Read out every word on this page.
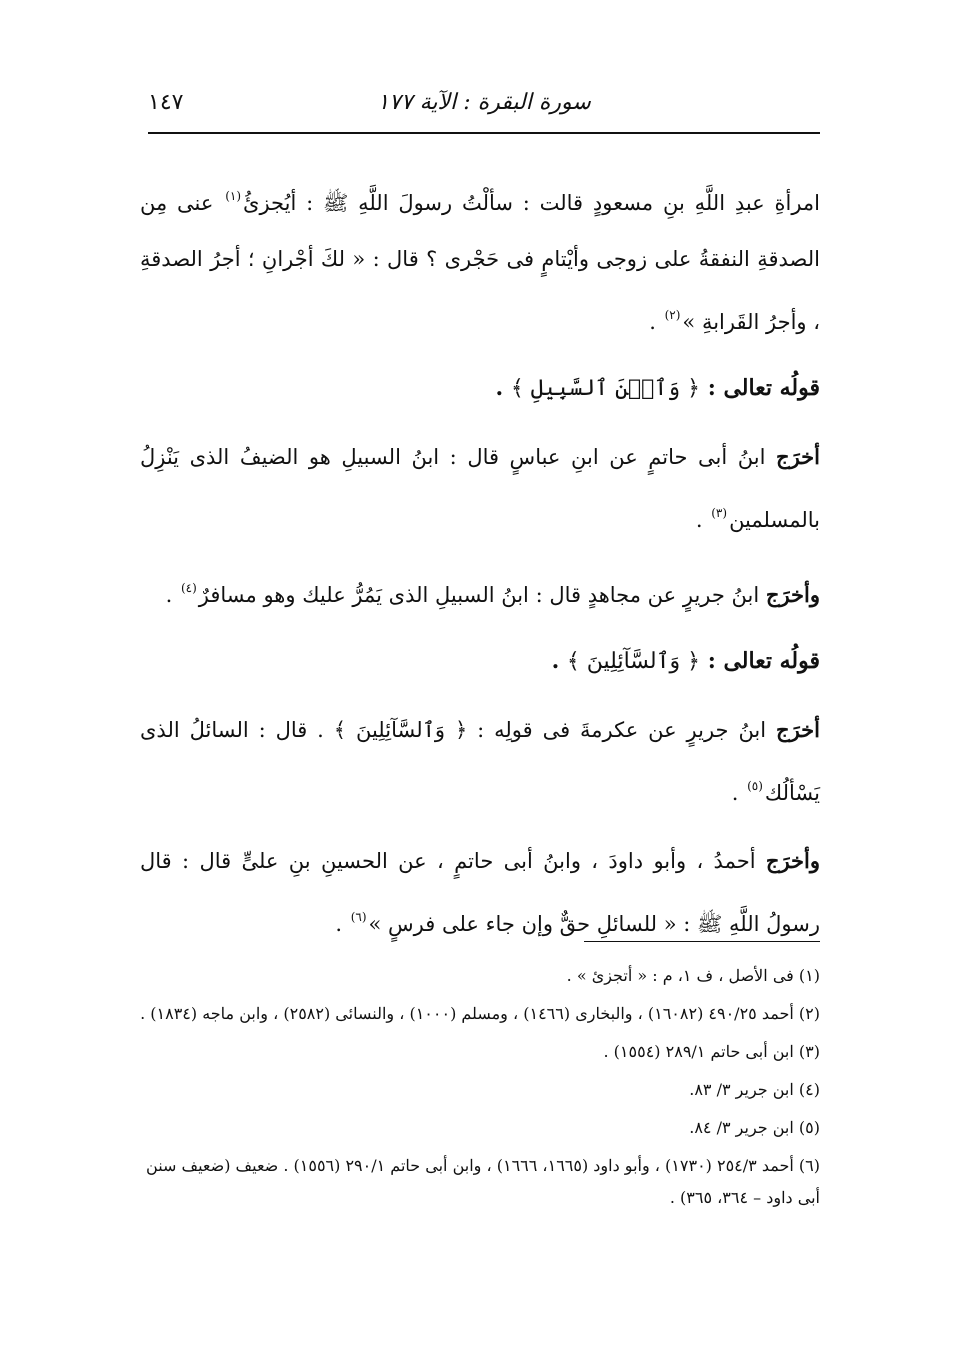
١٤٧	سورة البقرة : الآية ١٧٧

امرأةِ عبدِ اللَّهِ بنِ مسعودٍ قالت : سألْتُ رسولَ اللَّهِ ﷺ : أيُجزئُ$^{(١)}$ عنى مِن الصدقةِ النفقةُ على زوجى وأيْتامٍ فى حَجْرى ؟ قال : « لكَ أجْرانِ ؛ أجرُ الصدقةِ ، وأجرُ القَرابةِ »$^{(٢)}$ .

قولُه تعالى : ﴿ وَٱبۡنَ ٱلسَّبِيلِ ﴾ .

أخرَج ابنُ أبى حاتمٍ عن ابنِ عباسٍ قال : ابنُ السبيلِ هو الضيفُ الذى يَنْزِلُ بالمسلمين$^{(٣)}$ .

وأخرَج ابنُ جريرٍ عن مجاهدٍ قال : ابنُ السبيلِ الذى يَمُرُّ عليك وهو مسافرٌ$^{(٤)}$ .

قولُه تعالى : ﴿ وَٱلسَّآئِلِينَ ﴾ .

أخرَج ابنُ جريرٍ عن عكرمةَ فى قولِه : ﴿ وَٱلسَّآئِلِينَ ﴾ . قال : السائلُ الذى يَسْألُك$^{(٥)}$ .

وأخرَج أحمدُ ، وأبو داودَ ، وابنُ أبى حاتمٍ ، عن الحسينِ بنِ علىٍّ قال : قال رسولُ اللَّهِ ﷺ : « للسائلِ حقٌّ وإن جاء على فرسٍ »$^{(٦)}$ .

(١) فى الأصل ، ف ١، م : « أتجزئ » .

(٢) أحمد ٤٩٠/٢٥ (١٦٠٨٢) ، والبخارى (١٤٦٦) ، ومسلم (١٠٠٠) ، والنسائى (٢٥٨٢) ، وابن ماجه (١٨٣٤) .

(٣) ابن أبى حاتم ٢٨٩/١ (١٥٥٤) .

(٤) ابن جرير ٣/ ٨٣.

(٥) ابن جرير ٣/ ٨٤.

(٦) أحمد ٢٥٤/٣ (١٧٣٠) ، وأبو داود (١٦٦٥، ١٦٦٦) ، وابن أبى حاتم ٢٩٠/١ (١٥٥٦) . ضعيف (ضعيف سنن أبى داود – ٣٦٤، ٣٦٥) .
